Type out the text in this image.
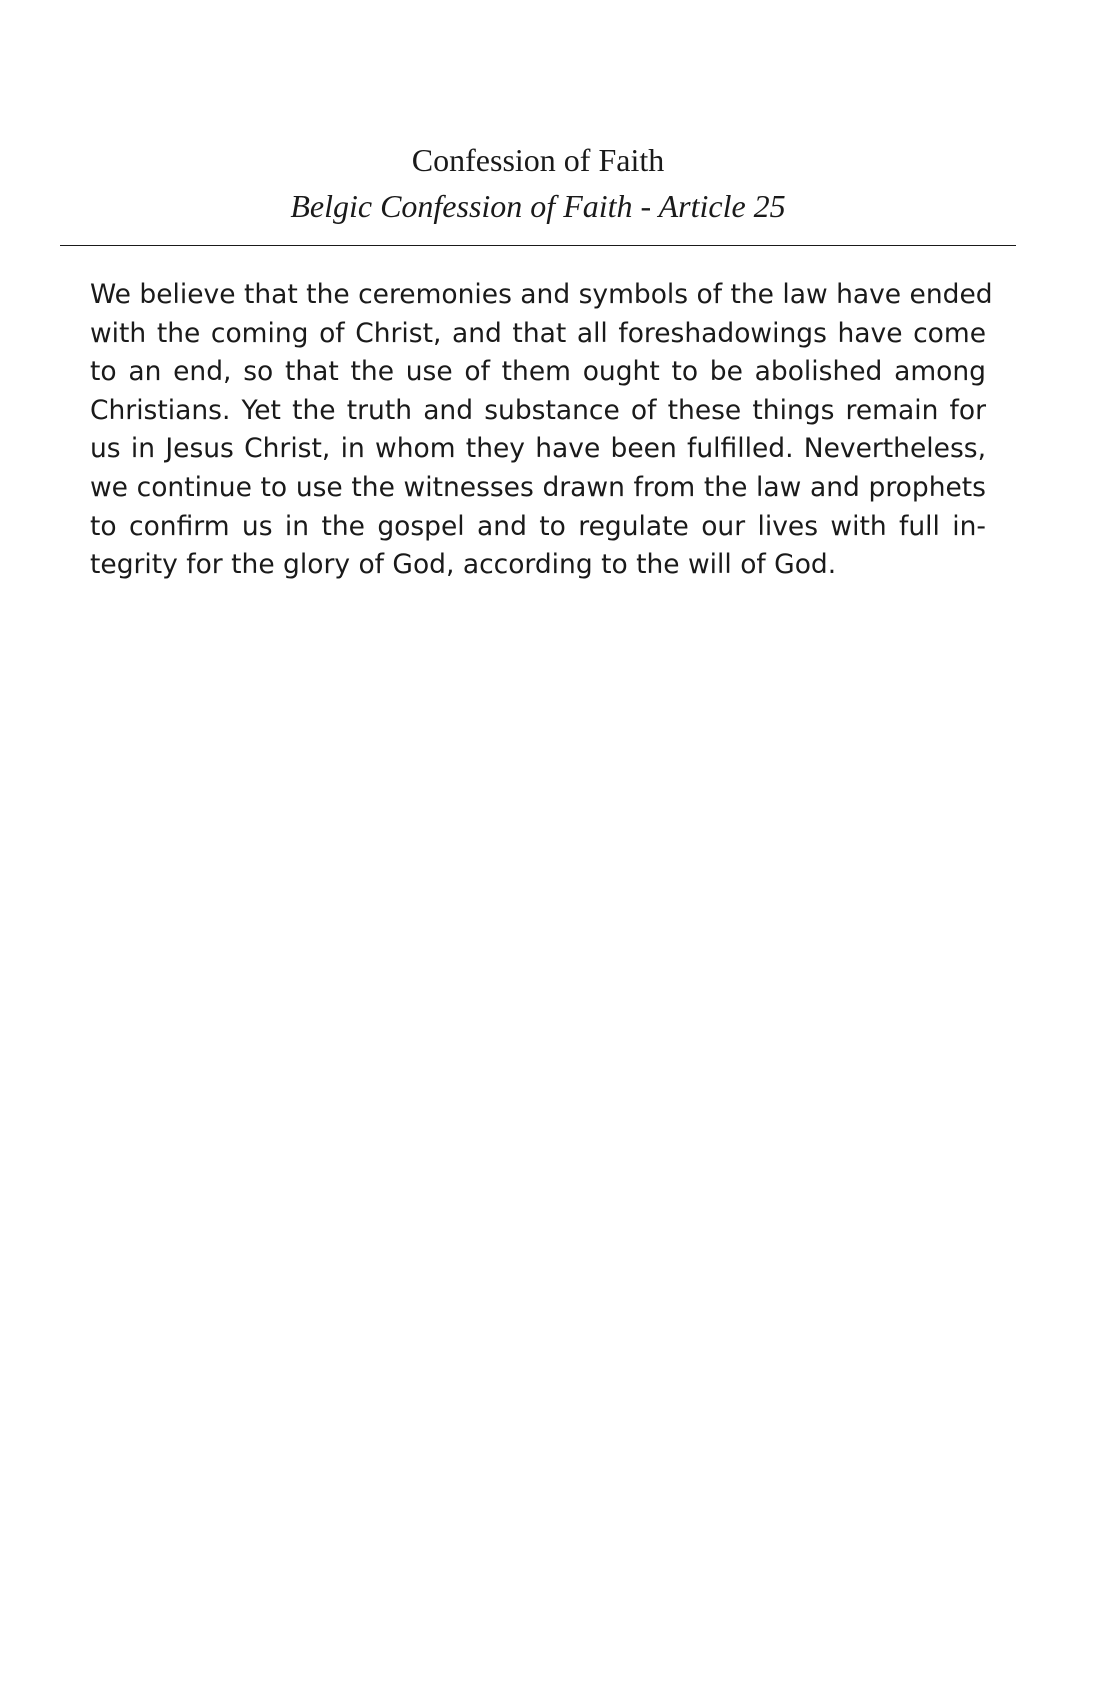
Confession of Faith

Belgic Confession of Faith - Article 25

We believe that the ceremonies and symbols of the law have ended
with the coming of Christ, and that all foreshadowings have come
to an end, so that the use of them ought to be abolished among
Christians. Yet the truth and substance of these things remain for
us in Jesus Christ, in whom they have been fulfilled. Nevertheless,
we continue to use the witnesses drawn from the law and prophets
to confirm us in the gospel and to regulate our lives with full in-
tegrity for the glory of God, according to the will of God.
